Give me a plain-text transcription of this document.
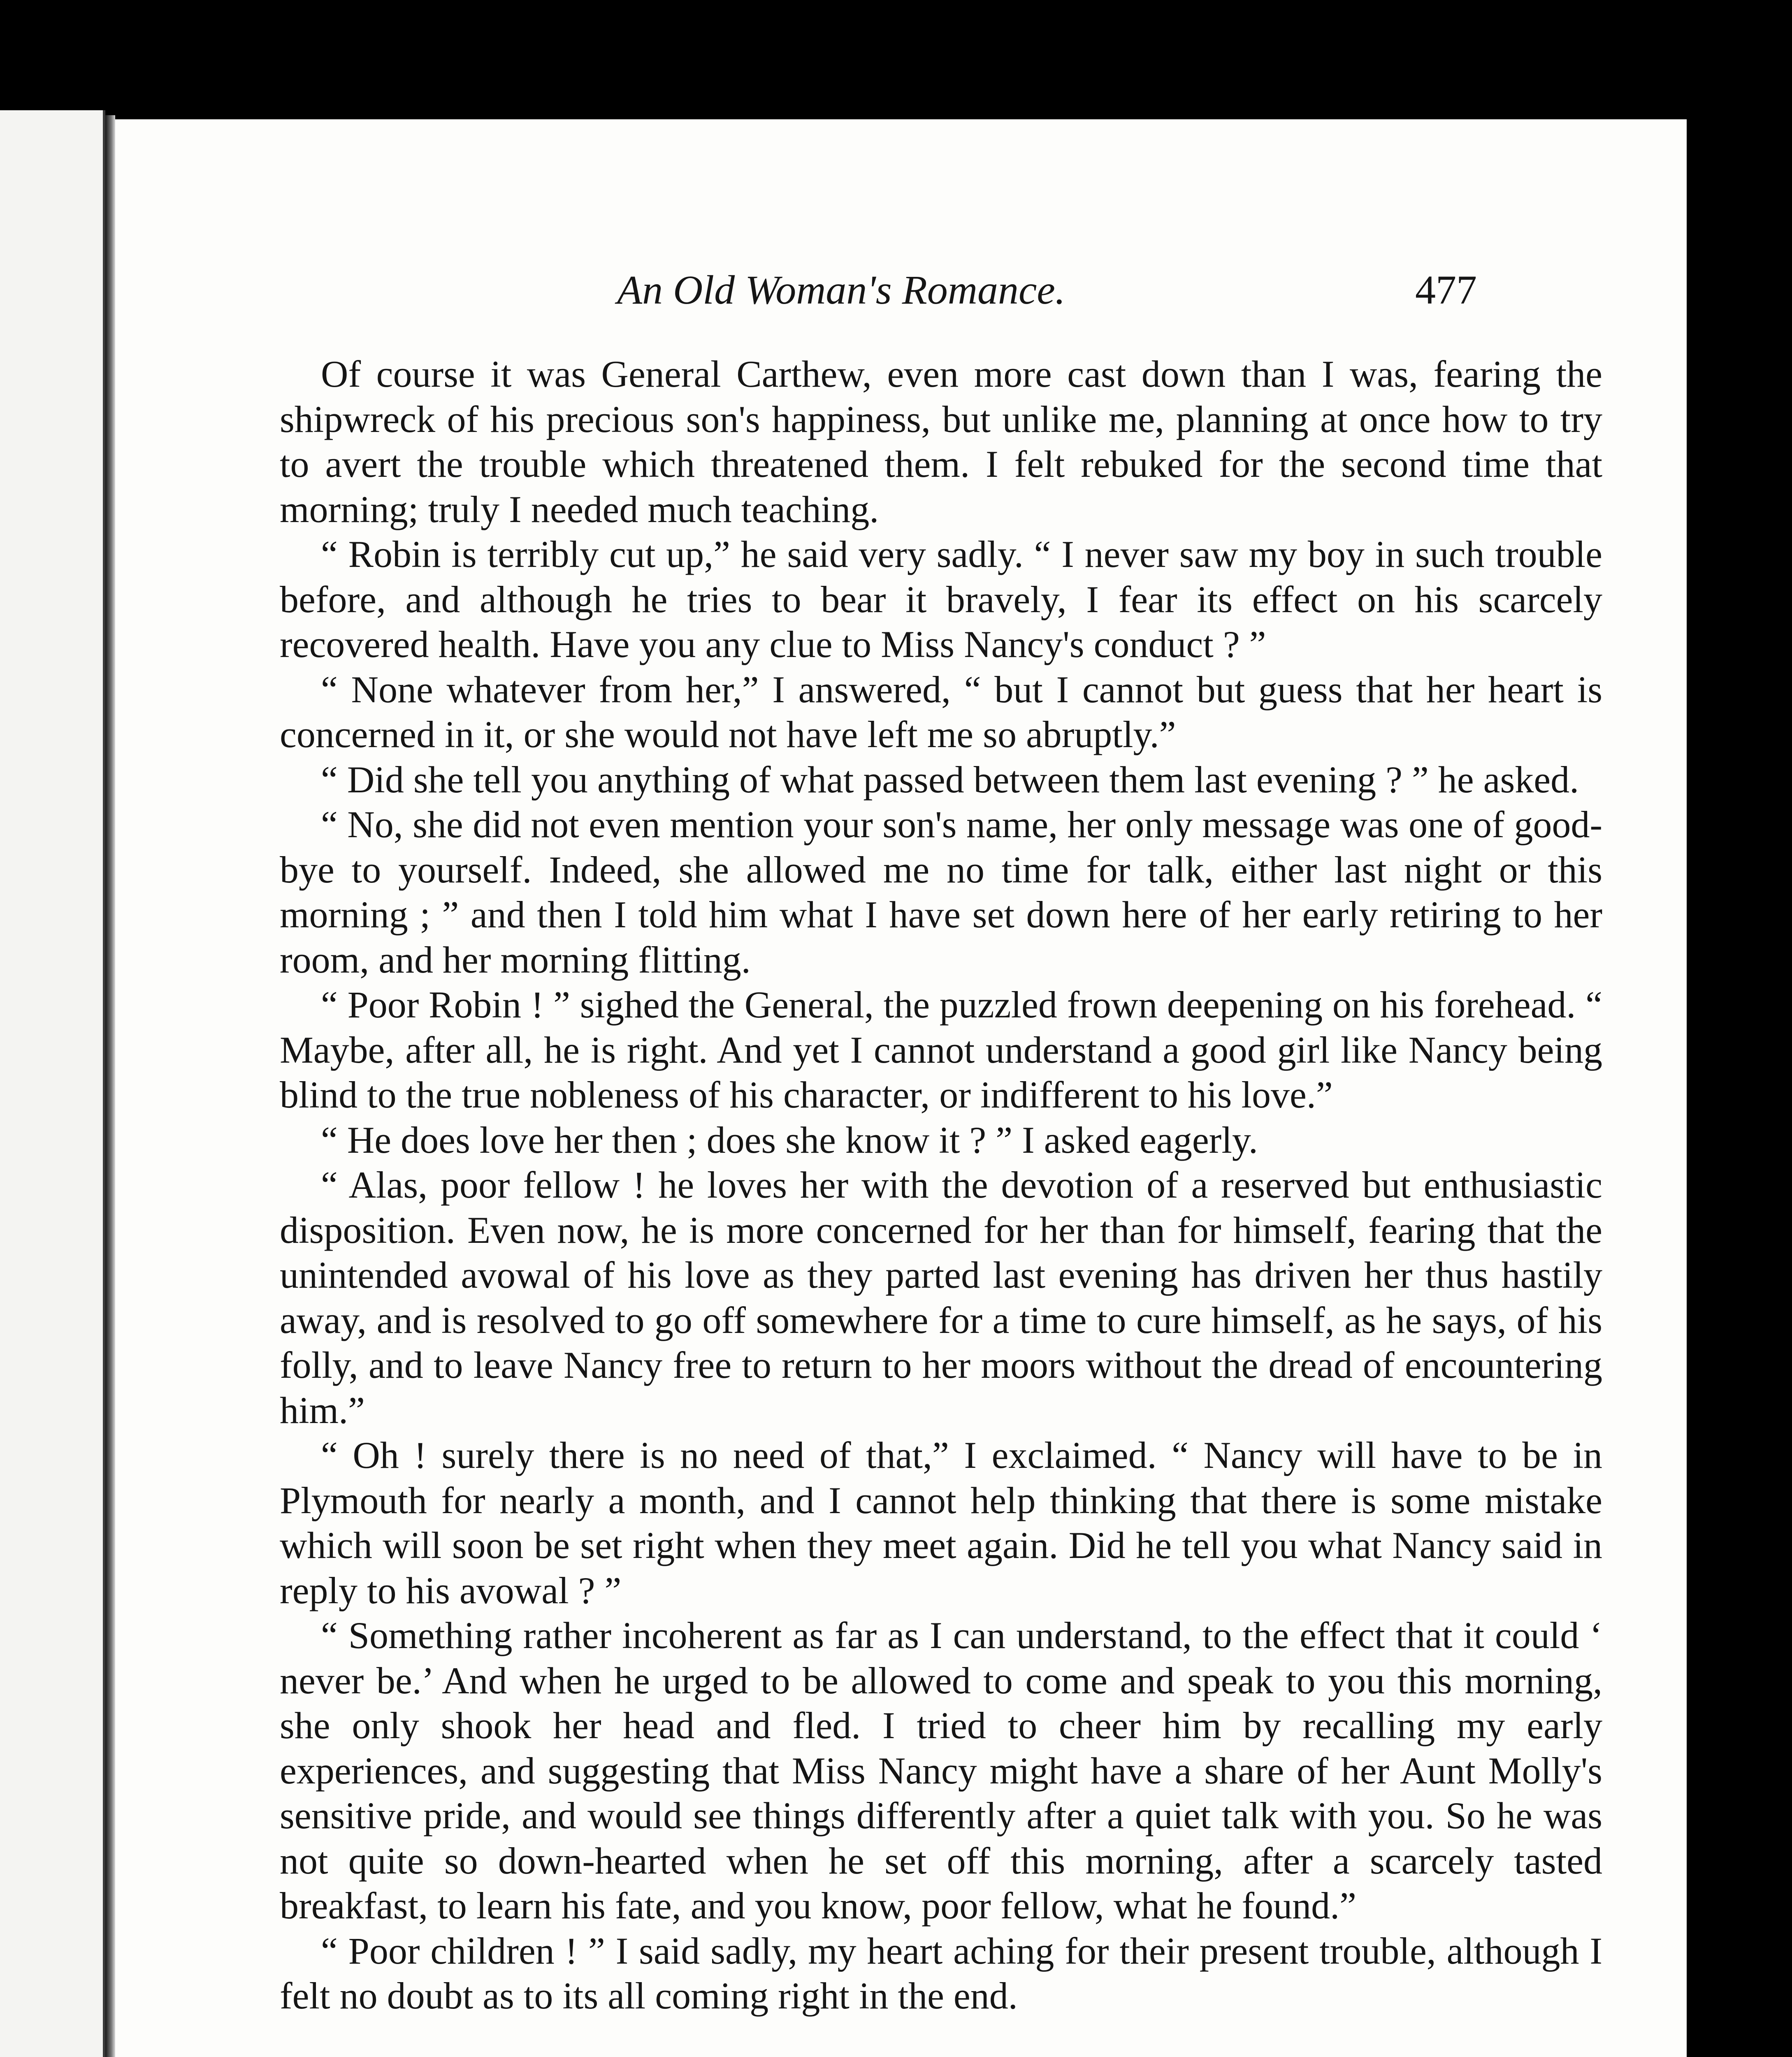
An Old Woman's Romance.	477

Of course it was General Carthew, even more cast down than I was, fearing the shipwreck of his precious son's happiness, but unlike me, planning at once how to try to avert the trouble which threatened them. I felt rebuked for the second time that morning; truly I needed much teaching.

“ Robin is terribly cut up,” he said very sadly. “ I never saw my boy in such trouble before, and although he tries to bear it bravely, I fear its effect on his scarcely recovered health. Have you any clue to Miss Nancy's conduct ? ”

“ None whatever from her,” I answered, “ but I cannot but guess that her heart is concerned in it, or she would not have left me so abruptly.”

“ Did she tell you anything of what passed between them last evening ? ” he asked.

“ No, she did not even mention your son's name, her only message was one of good-bye to yourself. Indeed, she allowed me no time for talk, either last night or this morning ; ” and then I told him what I have set down here of her early retiring to her room, and her morning flitting.

“ Poor Robin ! ” sighed the General, the puzzled frown deepening on his forehead. “ Maybe, after all, he is right. And yet I cannot understand a good girl like Nancy being blind to the true nobleness of his character, or indifferent to his love.”

“ He does love her then ; does she know it ? ” I asked eagerly.

“ Alas, poor fellow ! he loves her with the devotion of a reserved but enthusiastic disposition. Even now, he is more concerned for her than for himself, fearing that the unintended avowal of his love as they parted last evening has driven her thus hastily away, and is resolved to go off somewhere for a time to cure himself, as he says, of his folly, and to leave Nancy free to return to her moors without the dread of encountering him.”

“ Oh ! surely there is no need of that,” I exclaimed. “ Nancy will have to be in Plymouth for nearly a month, and I cannot help thinking that there is some mistake which will soon be set right when they meet again. Did he tell you what Nancy said in reply to his avowal ? ”

“ Something rather incoherent as far as I can understand, to the effect that it could ‘ never be.’ And when he urged to be allowed to come and speak to you this morning, she only shook her head and fled. I tried to cheer him by recalling my early experiences, and suggesting that Miss Nancy might have a share of her Aunt Molly's sensitive pride, and would see things differently after a quiet talk with you. So he was not quite so down-hearted when he set off this morning, after a scarcely tasted breakfast, to learn his fate, and you know, poor fellow, what he found.”

“ Poor children ! ” I said sadly, my heart aching for their present trouble, although I felt no doubt as to its all coming right in the end.
